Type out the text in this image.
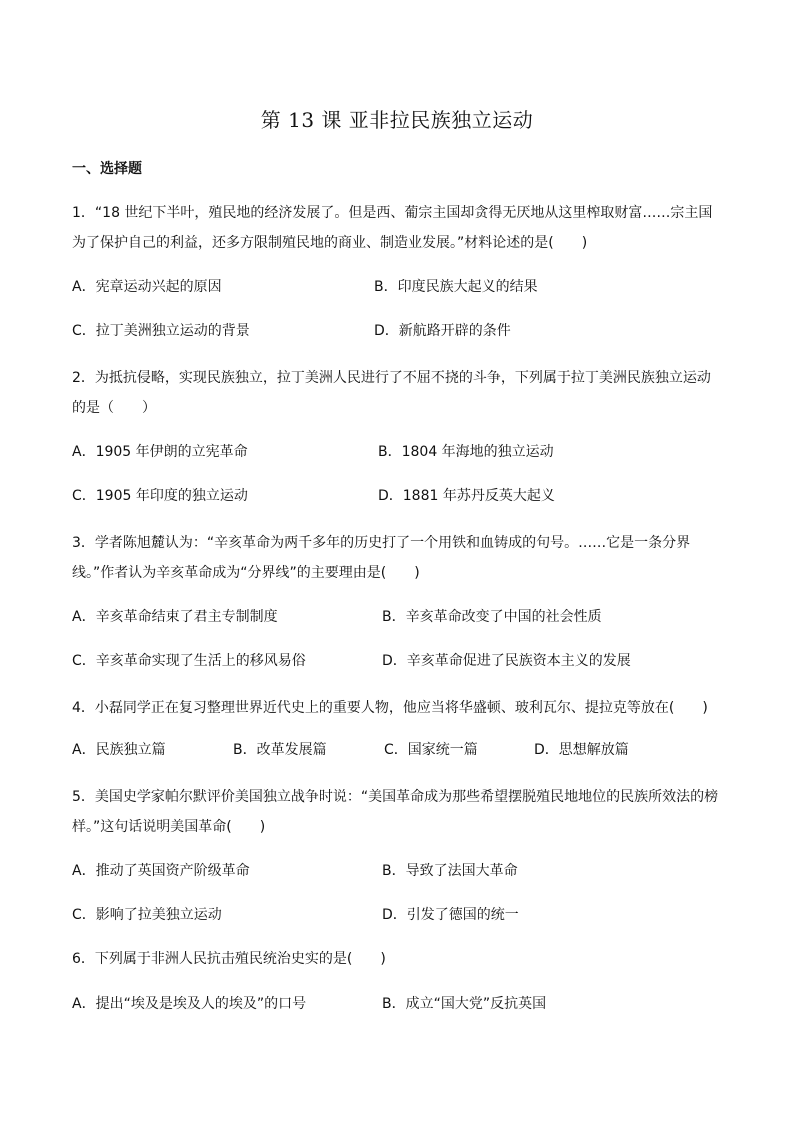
第 13 课 亚非拉民族独立运动
一、选择题
1．“18 世纪下半叶，殖民地的经济发展了。但是西、葡宗主国却贪得无厌地从这里榨取财富……宗主国为了保护自己的利益，还多方限制殖民地的商业、制造业发展。”材料论述的是(　　)
A．宪章运动兴起的原因	B．印度民族大起义的结果
C．拉丁美洲独立运动的背景	D．新航路开辟的条件
2．为抵抗侵略，实现民族独立，拉丁美洲人民进行了不屈不挠的斗争，下列属于拉丁美洲民族独立运动的是（　　）
A．1905 年伊朗的立宪革命	B．1804 年海地的独立运动
C．1905 年印度的独立运动	D．1881 年苏丹反英大起义
3．学者陈旭麓认为：“辛亥革命为两千多年的历史打了一个用铁和血铸成的句号。……它是一条分界线。”作者认为辛亥革命成为“分界线”的主要理由是(　　)
A．辛亥革命结束了君主专制制度	B．辛亥革命改变了中国的社会性质
C．辛亥革命实现了生活上的移风易俗	D．辛亥革命促进了民族资本主义的发展
4．小磊同学正在复习整理世界近代史上的重要人物，他应当将华盛顿、玻利瓦尔、提拉克等放在(　　)
A．民族独立篇	B．改革发展篇	C．国家统一篇	D．思想解放篇
5．美国史学家帕尔默评价美国独立战争时说：“美国革命成为那些希望摆脱殖民地地位的民族所效法的榜样。”这句话说明美国革命(　　)
A．推动了英国资产阶级革命	B．导致了法国大革命
C．影响了拉美独立运动	D．引发了德国的统一
6．下列属于非洲人民抗击殖民统治史实的是(　　)
A．提出“埃及是埃及人的埃及”的口号	B．成立“国大党”反抗英国
